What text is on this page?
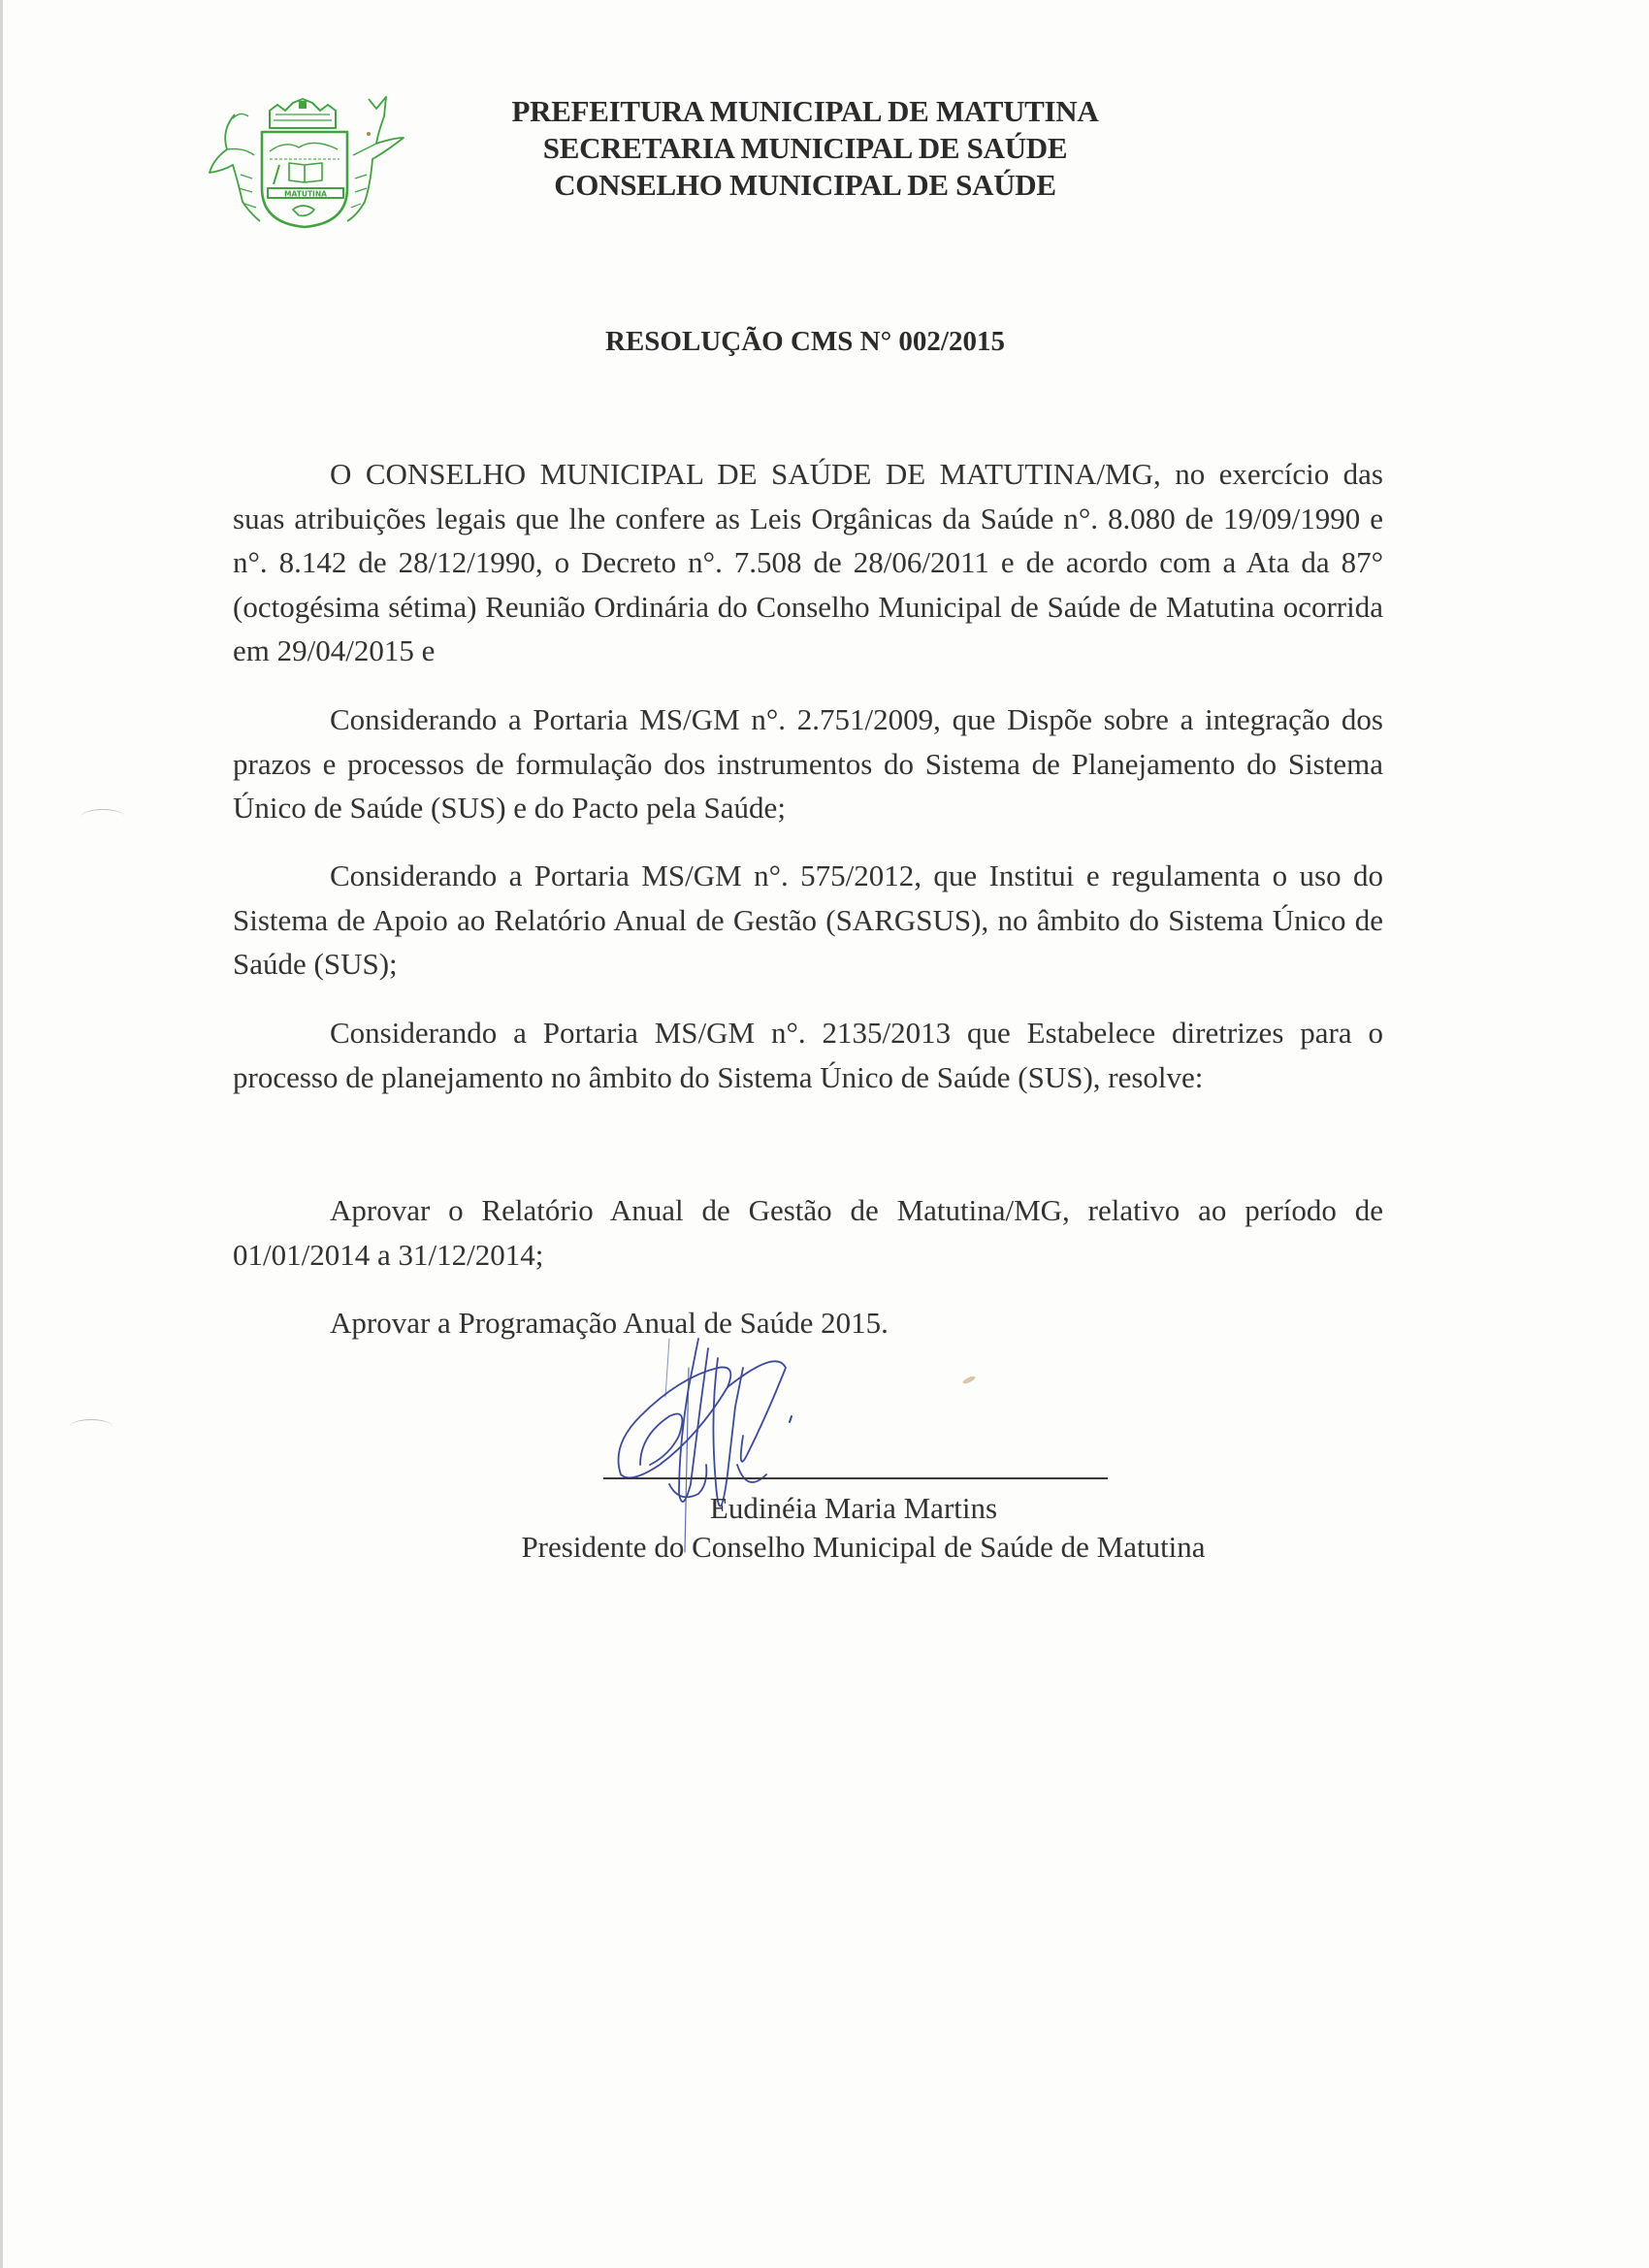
MATUTINA
PREFEITURA MUNICIPAL DE MATUTINA
SECRETARIA MUNICIPAL DE SAÚDE
CONSELHO MUNICIPAL DE SAÚDE
RESOLUÇÃO CMS N° 002/2015

O CONSELHO MUNICIPAL DE SAÚDE DE MATUTINA/MG, no exercício das suas atribuições legais que lhe confere as Leis Orgânicas da Saúde n°. 8.080 de 19/09/1990 e n°. 8.142 de 28/12/1990, o Decreto n°. 7.508 de 28/06/2011 e de acordo com a Ata da 87° (octogésima sétima) Reunião Ordinária do Conselho Municipal de Saúde de Matutina ocorrida em 29/04/2015 e

Considerando a Portaria MS/GM n°. 2.751/2009, que Dispõe sobre a integração dos prazos e processos de formulação dos instrumentos do Sistema de Planejamento do Sistema Único de Saúde (SUS) e do Pacto pela Saúde;

Considerando a Portaria MS/GM n°. 575/2012, que Institui e regulamenta o uso do Sistema de Apoio ao Relatório Anual de Gestão (SARGSUS), no âmbito do Sistema Único de Saúde (SUS);

Considerando a Portaria MS/GM n°. 2135/2013 que Estabelece diretrizes para o processo de planejamento no âmbito do Sistema Único de Saúde (SUS), resolve:

Aprovar o Relatório Anual de Gestão de Matutina/MG, relativo ao período de 01/01/2014 a 31/12/2014;

Aprovar a Programação Anual de Saúde 2015.

Eudinéia Maria Martins
Presidente do Conselho Municipal de Saúde de Matutina
